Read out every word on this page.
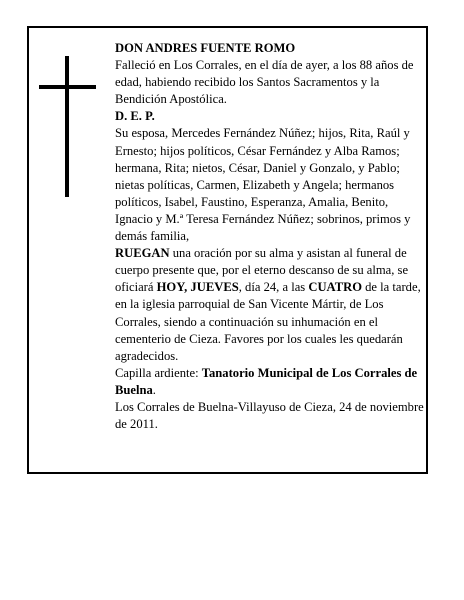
DON ANDRES FUENTE ROMO

Falleció en Los Corrales, en el día de ayer, a los 88 años de edad, habiendo recibido los Santos Sacramentos y la Bendición Apostólica.

D. E. P.

Su esposa, Mercedes Fernández Núñez; hijos, Rita, Raúl y Ernesto; hijos políticos, César Fernández y Alba Ramos; hermana, Rita; nietos, César, Daniel y Gonzalo, y Pablo; nietas políticas, Carmen, Elizabeth y Angela; hermanos políticos, Isabel, Faustino, Esperanza, Amalia, Benito, Ignacio y M.ª Teresa Fernández Núñez; sobrinos, primos y demás familia,

RUEGAN una oración por su alma y asistan al funeral de cuerpo presente que, por el eterno descanso de su alma, se oficiará HOY, JUEVES, día 24, a las CUATRO de la tarde, en la iglesia parroquial de San Vicente Mártir, de Los Corrales, siendo a continuación su inhumación en el cementerio de Cieza. Favores por los cuales les quedarán agradecidos.

Capilla ardiente: Tanatorio Municipal de Los Corrales de Buelna.

Los Corrales de Buelna-Villayuso de Cieza, 24 de noviembre de 2011.
